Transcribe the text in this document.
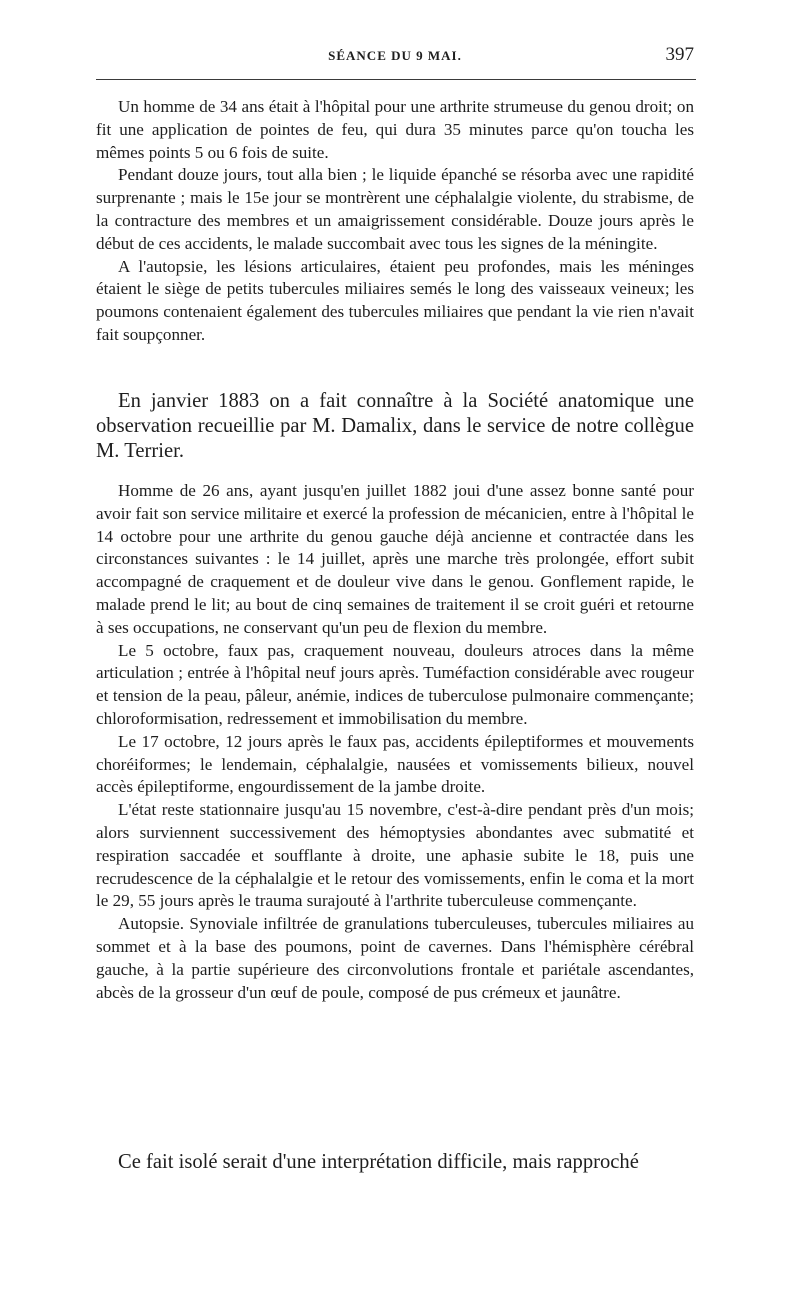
SÉANCE DU 9 MAI.	397

Un homme de 34 ans était à l'hôpital pour une arthrite strumeuse du genou droit; on fit une application de pointes de feu, qui dura 35 minutes parce qu'on toucha les mêmes points 5 ou 6 fois de suite.

Pendant douze jours, tout alla bien ; le liquide épanché se résorba avec une rapidité surprenante ; mais le 15e jour se montrèrent une céphalalgie violente, du strabisme, de la contracture des membres et un amaigrissement considérable. Douze jours après le début de ces accidents, le malade succombait avec tous les signes de la méningite.

A l'autopsie, les lésions articulaires, étaient peu profondes, mais les méninges étaient le siège de petits tubercules miliaires semés le long des vaisseaux veineux; les poumons contenaient également des tubercules miliaires que pendant la vie rien n'avait fait soupçonner.

En janvier 1883 on a fait connaître à la Société anatomique une observation recueillie par M. Damalix, dans le service de notre collègue M. Terrier.

Homme de 26 ans, ayant jusqu'en juillet 1882 joui d'une assez bonne santé pour avoir fait son service militaire et exercé la profession de mécanicien, entre à l'hôpital le 14 octobre pour une arthrite du genou gauche déjà ancienne et contractée dans les circonstances suivantes : le 14 juillet, après une marche très prolongée, effort subit accompagné de craquement et de douleur vive dans le genou. Gonflement rapide, le malade prend le lit; au bout de cinq semaines de traitement il se croit guéri et retourne à ses occupations, ne conservant qu'un peu de flexion du membre.

Le 5 octobre, faux pas, craquement nouveau, douleurs atroces dans la même articulation ; entrée à l'hôpital neuf jours après. Tuméfaction considérable avec rougeur et tension de la peau, pâleur, anémie, indices de tuberculose pulmonaire commençante; chloroformisation, redressement et immobilisation du membre.

Le 17 octobre, 12 jours après le faux pas, accidents épileptiformes et mouvements choréiformes; le lendemain, céphalalgie, nausées et vomissements bilieux, nouvel accès épileptiforme, engourdissement de la jambe droite.

L'état reste stationnaire jusqu'au 15 novembre, c'est-à-dire pendant près d'un mois; alors surviennent successivement des hémoptysies abondantes avec submatité et respiration saccadée et soufflante à droite, une aphasie subite le 18, puis une recrudescence de la céphalalgie et le retour des vomissements, enfin le coma et la mort le 29, 55 jours après le trauma surajouté à l'arthrite tuberculeuse commençante.

Autopsie. Synoviale infiltrée de granulations tuberculeuses, tubercules miliaires au sommet et à la base des poumons, point de cavernes. Dans l'hémisphère cérébral gauche, à la partie supérieure des circonvolutions frontale et pariétale ascendantes, abcès de la grosseur d'un œuf de poule, composé de pus crémeux et jaunâtre.

Ce fait isolé serait d'une interprétation difficile, mais rapproché
